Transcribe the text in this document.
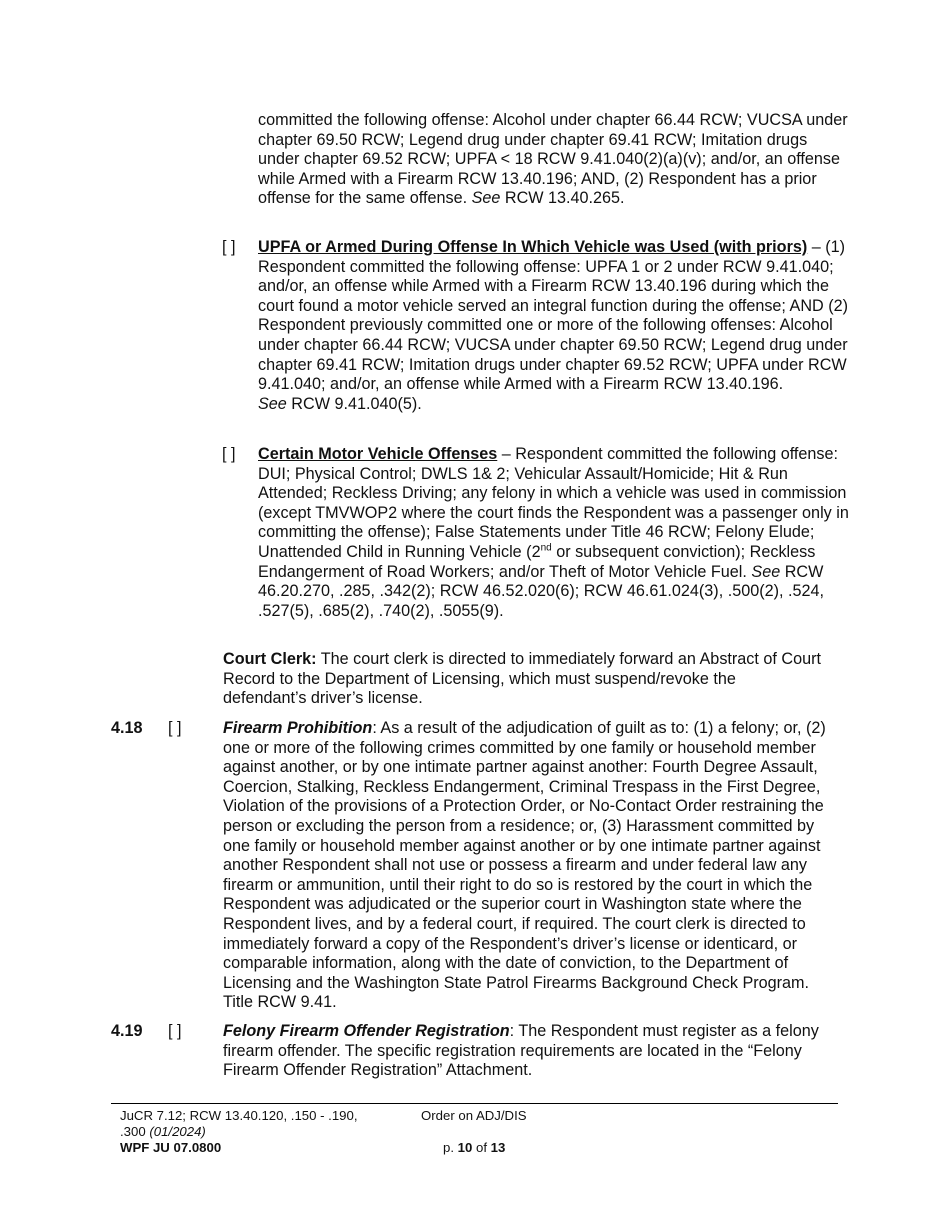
committed the following offense: Alcohol under chapter 66.44 RCW; VUCSA under chapter 69.50 RCW; Legend drug under chapter 69.41 RCW; Imitation drugs under chapter 69.52 RCW; UPFA < 18 RCW 9.41.040(2)(a)(v); and/or, an offense while Armed with a Firearm RCW 13.40.196; AND, (2) Respondent has a prior offense for the same offense. See RCW 13.40.265.

[ ] UPFA or Armed During Offense In Which Vehicle was Used (with priors) – (1) Respondent committed the following offense: UPFA 1 or 2 under RCW 9.41.040; and/or, an offense while Armed with a Firearm RCW 13.40.196 during which the court found a motor vehicle served an integral function during the offense; AND (2) Respondent previously committed one or more of the following offenses: Alcohol under chapter 66.44 RCW; VUCSA under chapter 69.50 RCW; Legend drug under chapter 69.41 RCW; Imitation drugs under chapter 69.52 RCW; UPFA under RCW 9.41.040; and/or, an offense while Armed with a Firearm RCW 13.40.196.
See RCW 9.41.040(5).
[ ] Certain Motor Vehicle Offenses – Respondent committed the following offense: DUI; Physical Control; DWLS 1& 2; Vehicular Assault/Homicide; Hit & Run Attended; Reckless Driving; any felony in which a vehicle was used in commission (except TMVWOP2 where the court finds the Respondent was a passenger only in committing the offense); False Statements under Title 46 RCW; Felony Elude; Unattended Child in Running Vehicle (2nd or subsequent conviction); Reckless Endangerment of Road Workers; and/or Theft of Motor Vehicle Fuel. See RCW 46.20.270, .285, .342(2); RCW 46.52.020(6); RCW 46.61.024(3), .500(2), .524, .527(5), .685(2), .740(2), .5055(9).

Court Clerk: The court clerk is directed to immediately forward an Abstract of Court Record to the Department of Licensing, which must suspend/revoke the defendant’s driver’s license.

4.18 [ ]	Firearm Prohibition: As a result of the adjudication of guilt as to: (1) a felony; or, (2) one or more of the following crimes committed by one family or household member against another, or by one intimate partner against another: Fourth Degree Assault, Coercion, Stalking, Reckless Endangerment, Criminal Trespass in the First Degree, Violation of the provisions of a Protection Order, or No-Contact Order restraining the person or excluding the person from a residence; or, (3) Harassment committed by one family or household member against another or by one intimate partner against another Respondent shall not use or possess a firearm and under federal law any firearm or ammunition, until their right to do so is restored by the court in which the Respondent was adjudicated or the superior court in Washington state where the Respondent lives, and by a federal court, if required. The court clerk is directed to immediately forward a copy of the Respondent’s driver’s license or identicard, or comparable information, along with the date of conviction, to the Department of Licensing and the Washington State Patrol Firearms Background Check Program. Title RCW 9.41.

4.19 [ ]	Felony Firearm Offender Registration: The Respondent must register as a felony firearm offender. The specific registration requirements are located in the “Felony Firearm Offender Registration” Attachment.

JuCR 7.12; RCW 13.40.120, .150 - .190, .300 (01/2024)
WPF JU 07.0800
Order on ADJ/DIS
p. 10 of 13
